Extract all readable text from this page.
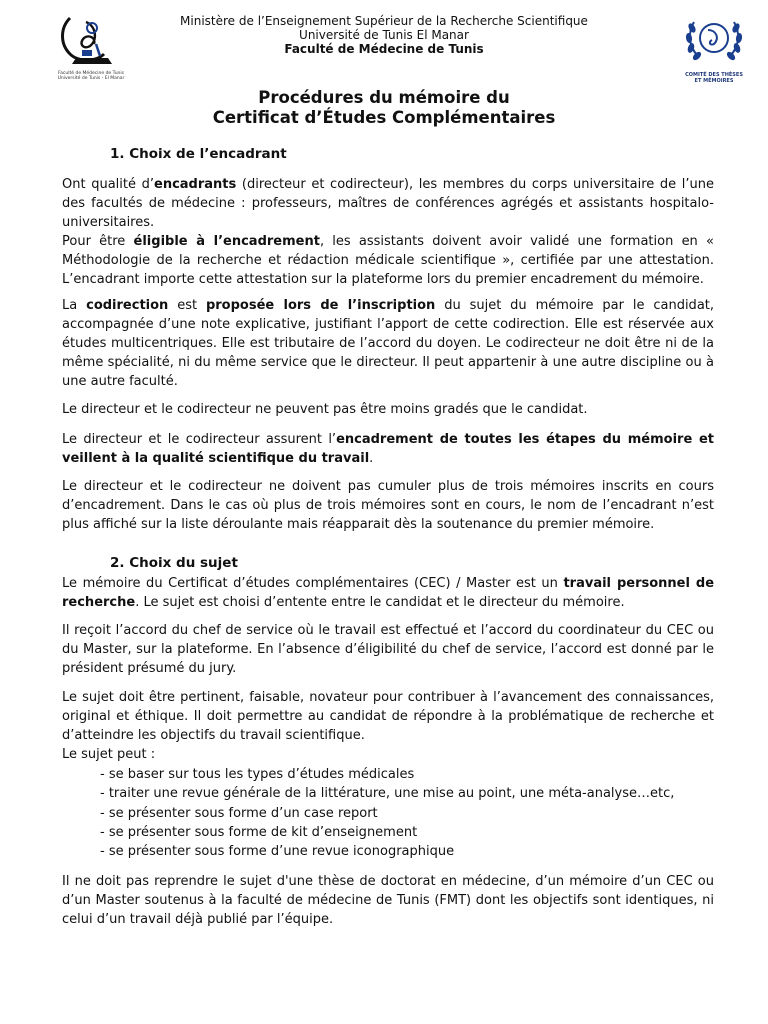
Faculté de Médecine de Tunis
Université de Tunis - El Manar
Ministère de l’Enseignement Supérieur de la Recherche Scientifique
Université de Tunis El Manar
Faculté de Médecine de Tunis
COMITÉ DES THÈSES
ET MÉMOIRES
Procédures du mémoire du
Certificat d’Études Complémentaires
1. Choix de l’encadrant
Ont qualité d’encadrants (directeur et codirecteur), les membres du corps universitaire de l’une des facultés de médecine : professeurs, maîtres de conférences agrégés et assistants hospitalo-universitaires.
Pour être éligible à l’encadrement, les assistants doivent avoir validé une formation en « Méthodologie de la recherche et rédaction médicale scientifique », certifiée par une attestation. L’encadrant importe cette attestation sur la plateforme lors du premier encadrement du mémoire.
La codirection est proposée lors de l’inscription du sujet du mémoire par le candidat, accompagnée d’une note explicative, justifiant l’apport de cette codirection. Elle est réservée aux études multicentriques. Elle est tributaire de l’accord du doyen. Le codirecteur ne doit être ni de la même spécialité, ni du même service que le directeur. Il peut appartenir à une autre discipline ou à une autre faculté.
Le directeur et le codirecteur ne peuvent pas être moins gradés que le candidat.
Le directeur et le codirecteur assurent l’encadrement de toutes les étapes du mémoire et veillent à la qualité scientifique du travail.
Le directeur et le codirecteur ne doivent pas cumuler plus de trois mémoires inscrits en cours d’encadrement. Dans le cas où plus de trois mémoires sont en cours, le nom de l’encadrant n’est plus affiché sur la liste déroulante mais réapparait dès la soutenance du premier mémoire.
2. Choix du sujet
Le mémoire du Certificat d’études complémentaires (CEC) / Master est un travail personnel de recherche. Le sujet est choisi d’entente entre le candidat et le directeur du mémoire.
Il reçoit l’accord du chef de service où le travail est effectué et l’accord du coordinateur du CEC ou du Master, sur la plateforme. En l’absence d’éligibilité du chef de service, l’accord est donné par le président présumé du jury.
Le sujet doit être pertinent, faisable, novateur pour contribuer à l’avancement des connaissances, original et éthique. Il doit permettre au candidat de répondre à la problématique de recherche et d’atteindre les objectifs du travail scientifique.
Le sujet peut :
- se baser sur tous les types d’études médicales
- traiter une revue générale de la littérature, une mise au point, une méta-analyse…etc,
- se présenter sous forme d’un case report
- se présenter sous forme de kit d’enseignement
- se présenter sous forme d’une revue iconographique
Il ne doit pas reprendre le sujet d'une thèse de doctorat en médecine, d’un mémoire d’un CEC ou d’un Master soutenus à la faculté de médecine de Tunis (FMT) dont les objectifs sont identiques, ni celui d’un travail déjà publié par l’équipe.
